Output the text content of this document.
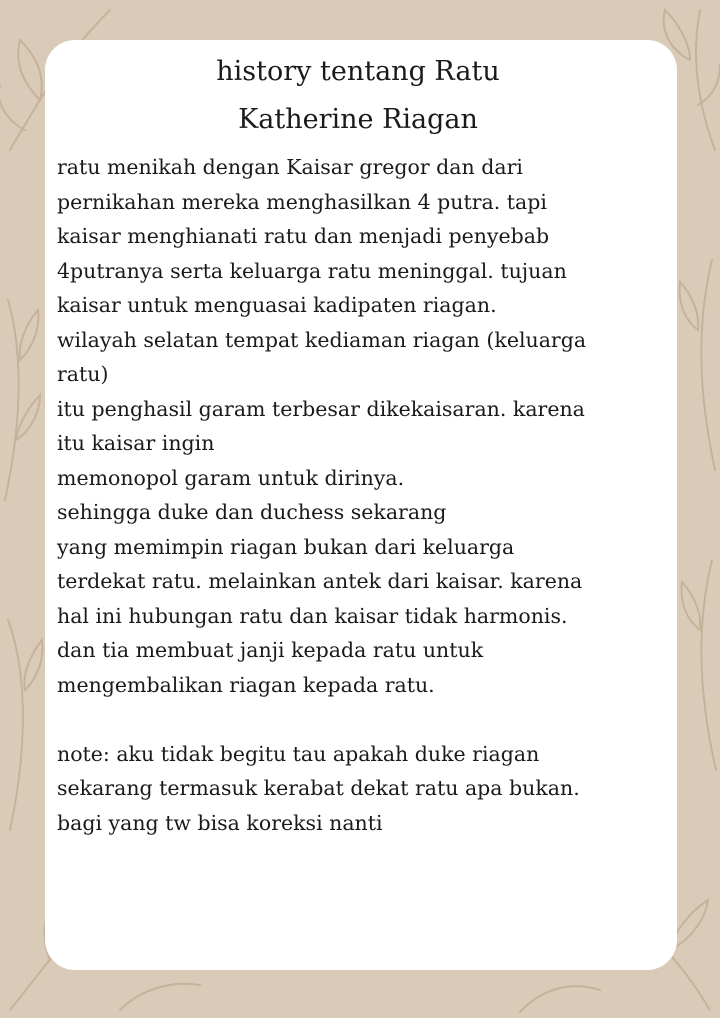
history tentang Ratu
Katherine Riagan
ratu menikah dengan Kaisar gregor dan dari
pernikahan mereka menghasilkan 4 putra. tapi
kaisar menghianati ratu dan menjadi penyebab
4putranya serta keluarga ratu meninggal. tujuan
kaisar untuk menguasai kadipaten riagan.
wilayah selatan tempat kediaman riagan (keluarga
ratu)
itu penghasil garam terbesar dikekaisaran. karena
itu kaisar ingin
memonopol garam untuk dirinya.
sehingga duke dan duchess sekarang
yang memimpin riagan bukan dari keluarga
terdekat ratu. melainkan antek dari kaisar. karena
hal ini hubungan ratu dan kaisar tidak harmonis.
dan tia membuat janji kepada ratu untuk
mengembalikan riagan kepada ratu.
note: aku tidak begitu tau apakah duke riagan
sekarang termasuk kerabat dekat ratu apa bukan.
bagi yang tw bisa koreksi nanti
